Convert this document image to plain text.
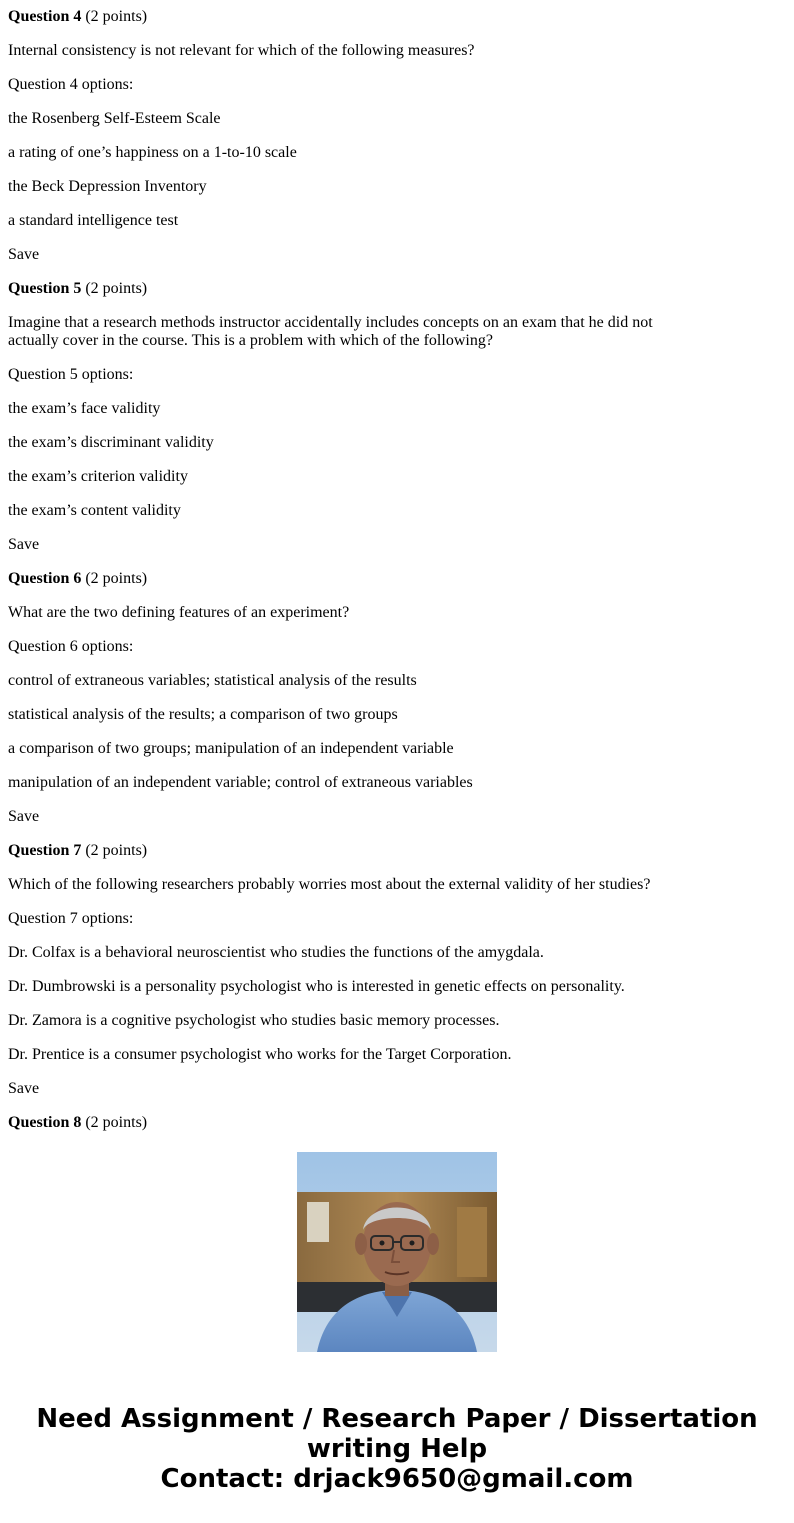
Question 4 (2 points)

Internal consistency is not relevant for which of the following measures?

Question 4 options:

the Rosenberg Self-Esteem Scale

a rating of one’s happiness on a 1-to-10 scale

the Beck Depression Inventory

a standard intelligence test

Save

Question 5 (2 points)

Imagine that a research methods instructor accidentally includes concepts on an exam that he did not actually cover in the course. This is a problem with which of the following?

Question 5 options:

the exam’s face validity

the exam’s discriminant validity

the exam’s criterion validity

the exam’s content validity

Save

Question 6 (2 points)

What are the two defining features of an experiment?

Question 6 options:

control of extraneous variables; statistical analysis of the results

statistical analysis of the results; a comparison of two groups

a comparison of two groups; manipulation of an independent variable

manipulation of an independent variable; control of extraneous variables

Save

Question 7 (2 points)

Which of the following researchers probably worries most about the external validity of her studies?

Question 7 options:

Dr. Colfax is a behavioral neuroscientist who studies the functions of the amygdala.

Dr. Dumbrowski is a personality psychologist who is interested in genetic effects on personality.

Dr. Zamora is a cognitive psychologist who studies basic memory processes.

Dr. Prentice is a consumer psychologist who works for the Target Corporation.

Save

Question 8 (2 points)

Need Assignment / Research Paper / Dissertation
writing Help
Contact: drjack9650@gmail.com
